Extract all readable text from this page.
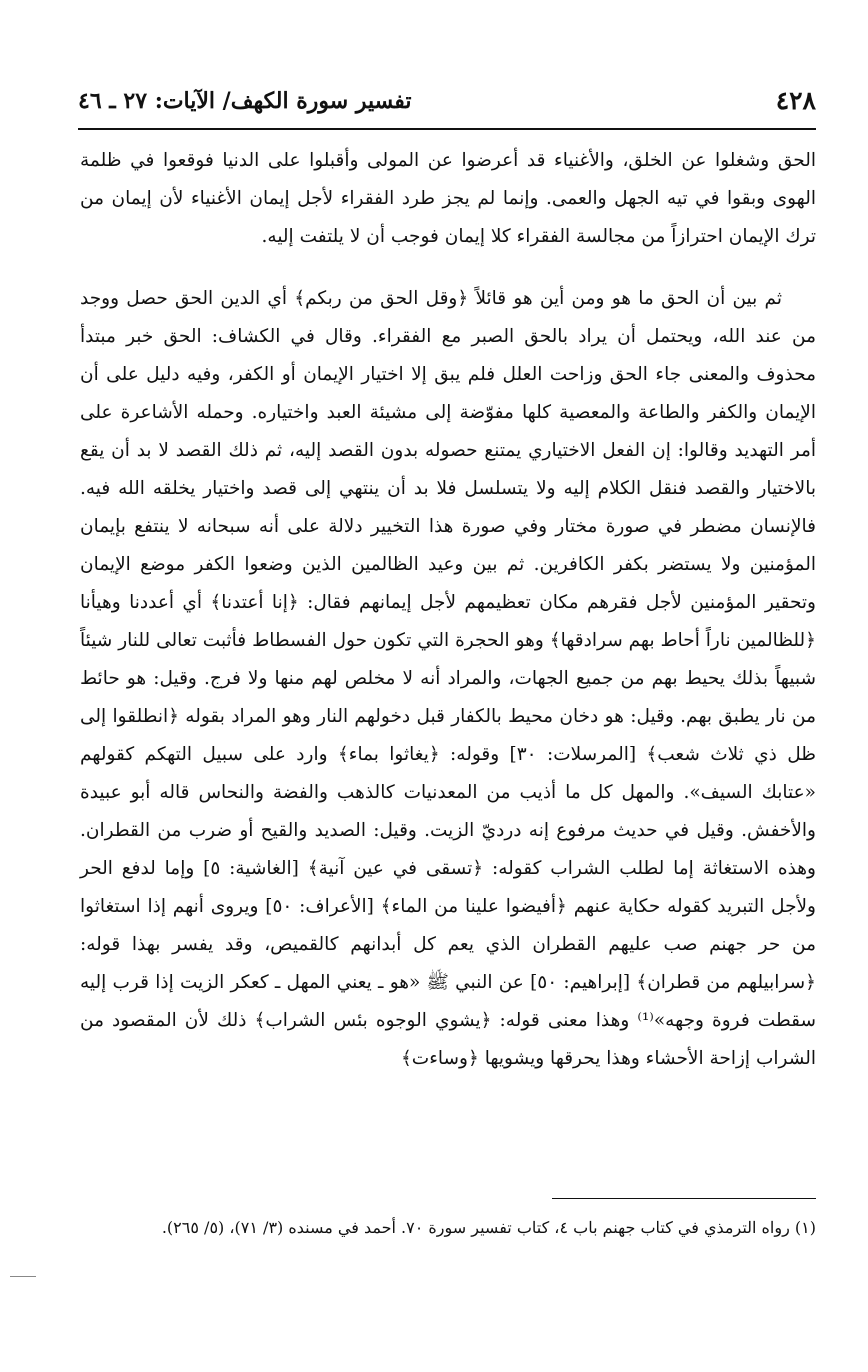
٤٢٨
تفسير سورة الكهف/ الآيات: ٢٧ ـ ٤٦

الحق وشغلوا عن الخلق، والأغنياء قد أعرضوا عن المولى وأقبلوا على الدنيا فوقعوا في ظلمة الهوى وبقوا في تيه الجهل والعمى. وإنما لم يجز طرد الفقراء لأجل إيمان الأغنياء لأن إيمان من ترك الإيمان احترازاً من مجالسة الفقراء كلا إيمان فوجب أن لا يلتفت إليه.

ثم بين أن الحق ما هو ومن أين هو قائلاً ﴿وقل الحق من ربكم﴾ أي الدين الحق حصل ووجد من عند الله، ويحتمل أن يراد بالحق الصبر مع الفقراء. وقال في الكشاف: الحق خبر مبتدأ محذوف والمعنى جاء الحق وزاحت العلل فلم يبق إلا اختيار الإيمان أو الكفر، وفيه دليل على أن الإيمان والكفر والطاعة والمعصية كلها مفوّضة إلى مشيئة العبد واختياره. وحمله الأشاعرة على أمر التهديد وقالوا: إن الفعل الاختياري يمتنع حصوله بدون القصد إليه، ثم ذلك القصد لا بد أن يقع بالاختيار والقصد فنقل الكلام إليه ولا يتسلسل فلا بد أن ينتهي إلى قصد واختيار يخلقه الله فيه. فالإنسان مضطر في صورة مختار وفي صورة هذا التخيير دلالة على أنه سبحانه لا ينتفع بإيمان المؤمنين ولا يستضر بكفر الكافرين. ثم بين وعيد الظالمين الذين وضعوا الكفر موضع الإيمان وتحقير المؤمنين لأجل فقرهم مكان تعظيمهم لأجل إيمانهم فقال: ﴿إنا أعتدنا﴾ أي أعددنا وهيأنا ﴿للظالمين ناراً أحاط بهم سرادقها﴾ وهو الحجرة التي تكون حول الفسطاط فأثبت تعالى للنار شيئاً شبيهاً بذلك يحيط بهم من جميع الجهات، والمراد أنه لا مخلص لهم منها ولا فرج. وقيل: هو حائط من نار يطبق بهم. وقيل: هو دخان محيط بالكفار قبل دخولهم النار وهو المراد بقوله ﴿انطلقوا إلى ظل ذي ثلاث شعب﴾ [المرسلات: ٣٠] وقوله: ﴿يغاثوا بماء﴾ وارد على سبيل التهكم كقولهم «عتابك السيف». والمهل كل ما أذيب من المعدنيات كالذهب والفضة والنحاس قاله أبو عبيدة والأخفش. وقيل في حديث مرفوع إنه درديّ الزيت. وقيل: الصديد والقيح أو ضرب من القطران. وهذه الاستغاثة إما لطلب الشراب كقوله: ﴿تسقى في عين آنية﴾ [الغاشية: ٥] وإما لدفع الحر ولأجل التبريد كقوله حكاية عنهم ﴿أفيضوا علينا من الماء﴾ [الأعراف: ٥٠] ويروى أنهم إذا استغاثوا من حر جهنم صب عليهم القطران الذي يعم كل أبدانهم كالقميص، وقد يفسر بهذا قوله: ﴿سرابيلهم من قطران﴾ [إبراهيم: ٥٠] عن النبي ﷺ «هو ـ يعني المهل ـ كعكر الزيت إذا قرب إليه سقطت فروة وجهه»⁽¹⁾ وهذا معنى قوله: ﴿يشوي الوجوه بئس الشراب﴾ ذلك لأن المقصود من الشراب إزاحة الأحشاء وهذا يحرقها ويشويها ﴿وساءت﴾

(١) رواه الترمذي في كتاب جهنم باب ٤، كتاب تفسير سورة ٧٠. أحمد في مسنده (٣/ ٧١)، (٥/ ٢٦٥).
